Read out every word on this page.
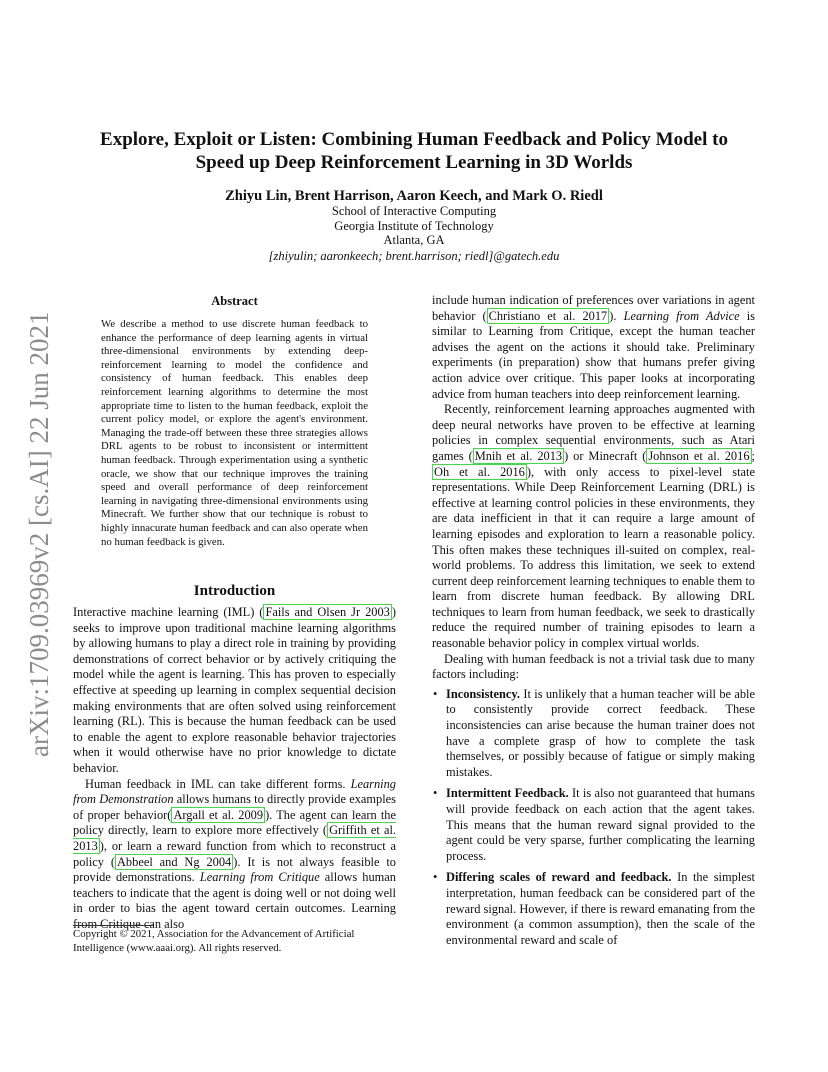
arXiv:1709.03969v2 [cs.AI] 22 Jun 2021
Explore, Exploit or Listen: Combining Human Feedback and Policy Model to
Speed up Deep Reinforcement Learning in 3D Worlds
Zhiyu Lin, Brent Harrison, Aaron Keech, and Mark O. Riedl
School of Interactive Computing
Georgia Institute of Technology
Atlanta, GA
[zhiyulin; aaronkeech; brent.harrison; riedl]@gatech.edu
Abstract
We describe a method to use discrete human feedback to enhance the performance of deep learning agents in virtual three-dimensional environments by extending deep-reinforcement learning to model the confidence and consistency of human feedback. This enables deep reinforcement learning algorithms to determine the most appropriate time to listen to the human feedback, exploit the current policy model, or explore the agent's environment. Managing the trade-off between these three strategies allows DRL agents to be robust to inconsistent or intermittent human feedback. Through experimentation using a synthetic oracle, we show that our technique improves the training speed and overall performance of deep reinforcement learning in navigating three-dimensional environments using Minecraft. We further show that our technique is robust to highly innacurate human feedback and can also operate when no human feedback is given.
Introduction

Interactive machine learning (IML) ( Fails and Olsen Jr 2003 ) seeks to improve upon traditional machine learning algorithms by allowing humans to play a direct role in training by providing demonstrations of correct behavior or by actively critiquing the model while the agent is learning. This has proven to especially effective at speeding up learning in complex sequential decision making environments that are often solved using reinforcement learning (RL). This is because the human feedback can be used to enable the agent to explore reasonable behavior trajectories when it would otherwise have no prior knowledge to dictate behavior.

Human feedback in IML can take different forms. Learning from Demonstration allows humans to directly provide examples of proper behavior( Argall et al. 2009 ). The agent can learn the policy directly, learn to explore more effectively ( Griffith et al. 2013 ), or learn a reward function from which to reconstruct a policy ( Abbeel and Ng 2004 ). It is not always feasible to provide demonstrations. Learning from Critique allows human teachers to indicate that the agent is doing well or not doing well in order to bias the agent toward certain outcomes. Learning from Critique can also

Copyright © 2021, Association for the Advancement of Artificial Intelligence (www.aaai.org). All rights reserved.

include human indication of preferences over variations in agent behavior ( Christiano et al. 2017 ). Learning from Advice is similar to Learning from Critique, except the human teacher advises the agent on the actions it should take. Preliminary experiments (in preparation) show that humans prefer giving action advice over critique. This paper looks at incorporating advice from human teachers into deep reinforcement learning.

Recently, reinforcement learning approaches augmented with deep neural networks have proven to be effective at learning policies in complex sequential environments, such as Atari games ( Mnih et al. 2013 ) or Minecraft ( Johnson et al. 2016 ; Oh et al. 2016 ), with only access to pixel-level state representations. While Deep Reinforcement Learning (DRL) is effective at learning control policies in these environments, they are data inefficient in that it can require a large amount of learning episodes and exploration to learn a reasonable policy. This often makes these techniques ill-suited on complex, real-world problems. To address this limitation, we seek to extend current deep reinforcement learning techniques to enable them to learn from discrete human feedback. By allowing DRL techniques to learn from human feedback, we seek to drastically reduce the required number of training episodes to learn a reasonable behavior policy in complex virtual worlds.

Dealing with human feedback is not a trivial task due to many factors including:

• Inconsistency. It is unlikely that a human teacher will be able to consistently provide correct feedback. These inconsistencies can arise because the human trainer does not have a complete grasp of how to complete the task themselves, or possibly because of fatigue or simply making mistakes.
• Intermittent Feedback. It is also not guaranteed that humans will provide feedback on each action that the agent takes. This means that the human reward signal provided to the agent could be very sparse, further complicating the learning process.
• Differing scales of reward and feedback. In the simplest interpretation, human feedback can be considered part of the reward signal. However, if there is reward emanating from the environment (a common assumption), then the scale of the environmental reward and scale of
